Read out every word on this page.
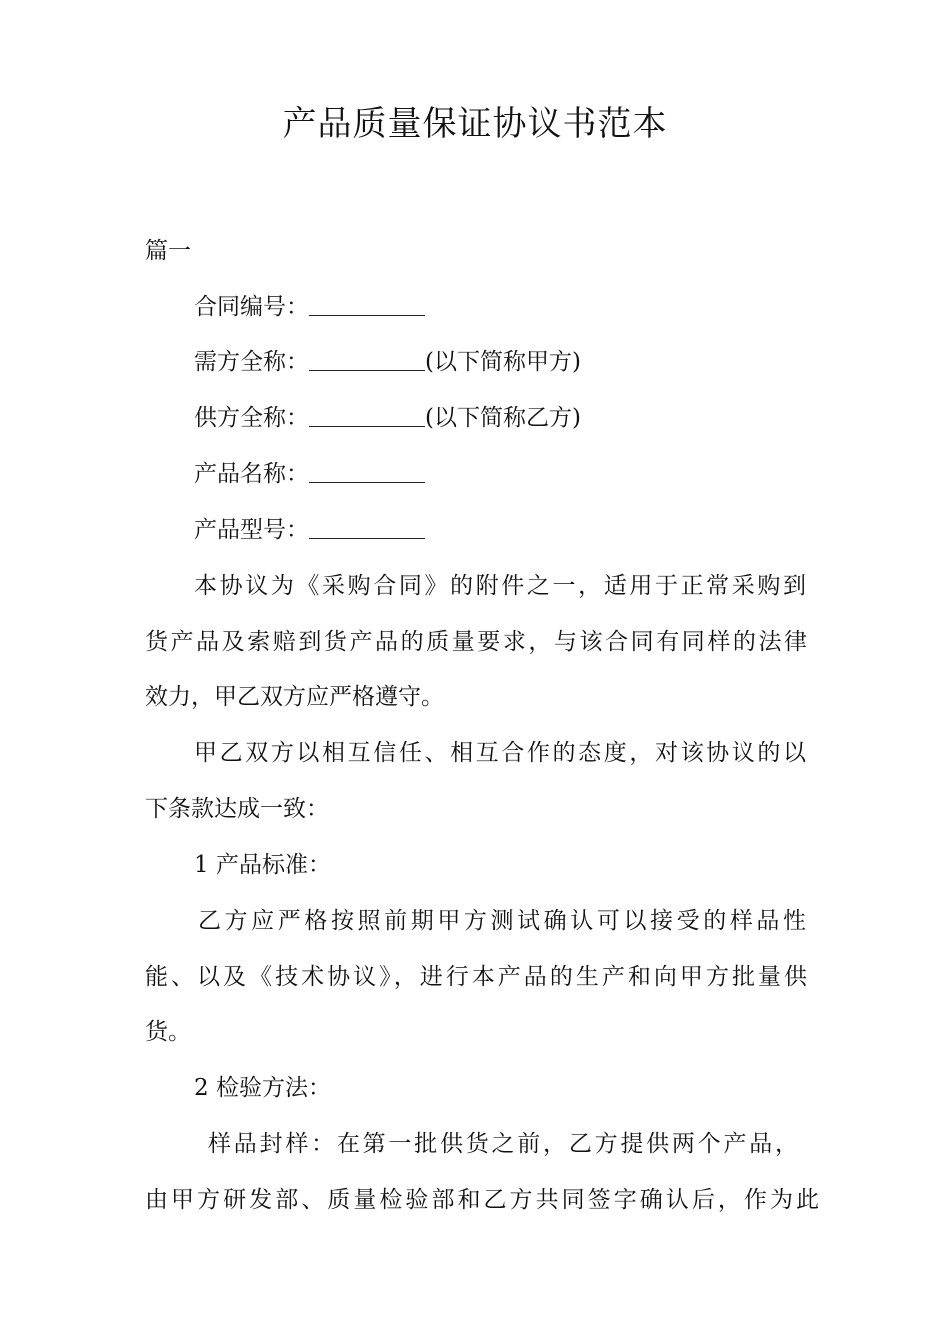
产品质量保证协议书范本

篇一

合同编号：

需方全称：	(以下简称甲方)

供方全称：	(以下简称乙方)

产品名称：

产品型号：

本协议为《采购合同》的附件之一，适用于正常采购到

货产品及索赔到货产品的质量要求，与该合同有同样的法律

效力，甲乙双方应严格遵守。

甲乙双方以相互信任、相互合作的态度，对该协议的以

下条款达成一致：

1 产品标准：

乙方应严格按照前期甲方测试确认可以接受的样品性

能、以及《技术协议》，进行本产品的生产和向甲方批量供

货。

2 检验方法：

样品封样：在第一批供货之前，乙方提供两个产品，

由甲方研发部、质量检验部和乙方共同签字确认后，作为此
